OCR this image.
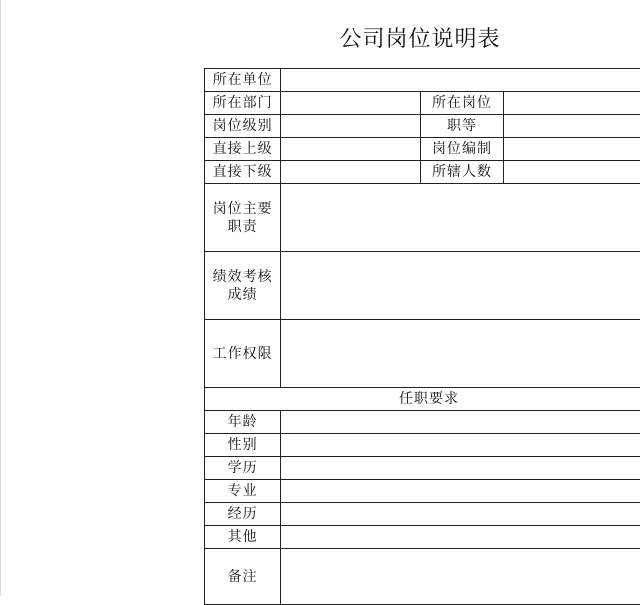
公司岗位说明表
所在单位			
所在部门		所在岗位	
岗位级别		职等	
直接上级		岗位编制	
直接下级		所辖人数	

岗位主要
职责			

绩效考核
成绩			

工作权限			
任职要求			
年龄			
性别			
学历			
专业			
经历			
其他			
备注			
